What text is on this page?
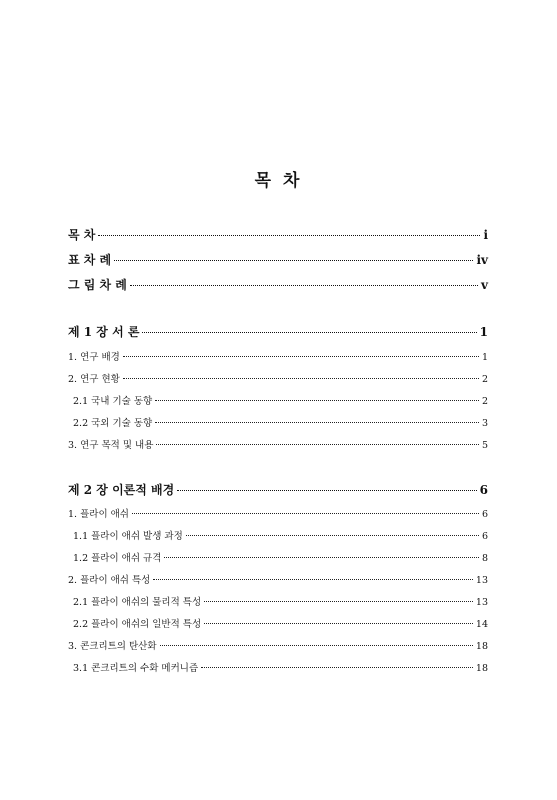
목 차
목 차	i
표 차 례	iv
그 림 차 례	v
제 1 장 서 론	1
1. 연구 배경	1
2. 연구 현황	2
2.1 국내 기술 동향	2
2.2 국외 기술 동향	3
3. 연구 목적 및 내용	5
제 2 장 이론적 배경	6
1. 플라이 애쉬	6
1.1 플라이 애쉬 발생 과정	6
1.2 플라이 애쉬 규격	8
2. 플라이 애쉬 특성	13
2.1 플라이 애쉬의 물리적 특성	13
2.2 플라이 애쉬의 일반적 특성	14
3. 콘크리트의 탄산화	18
3.1 콘크리트의 수화 메커니즘	18
